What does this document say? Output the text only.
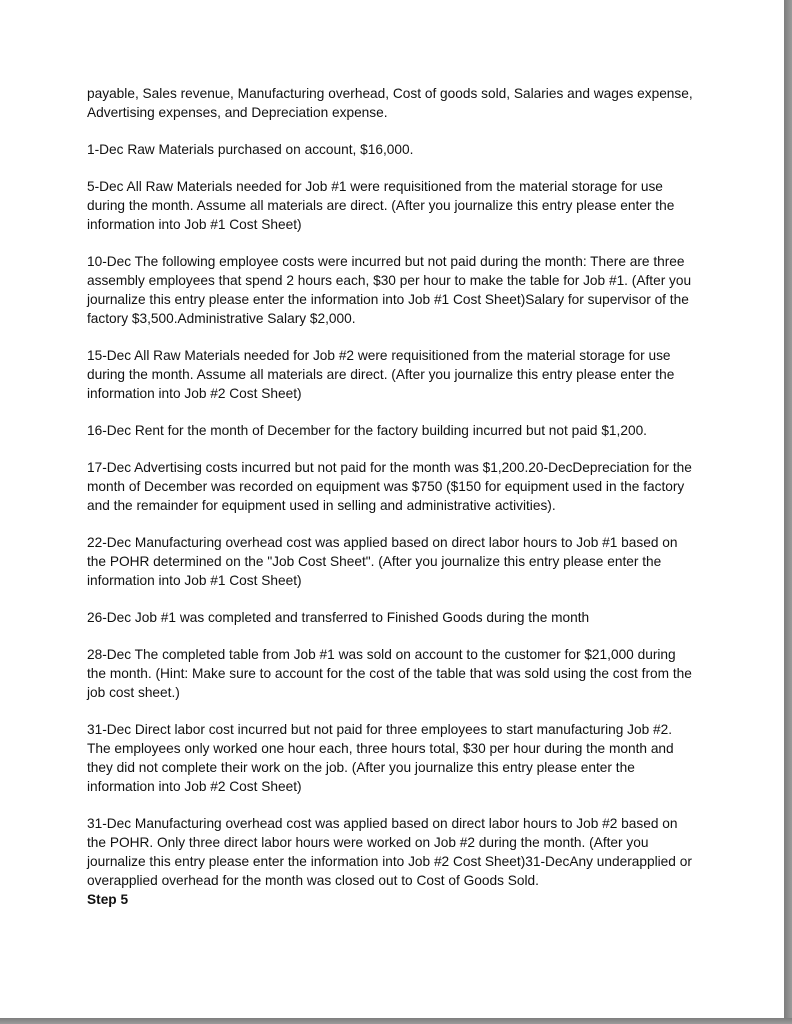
payable, Sales revenue, Manufacturing overhead, Cost of goods sold, Salaries and wages expense, Advertising expenses, and Depreciation expense.

1-Dec Raw Materials purchased on account, $16,000.

5-Dec All Raw Materials needed for Job #1 were requisitioned from the material storage for use during the month. Assume all materials are direct. (After you journalize this entry please enter the information into Job #1 Cost Sheet)

10-Dec The following employee costs were incurred but not paid during the month: There are three assembly employees that spend 2 hours each, $30 per hour to make the table for Job #1. (After you journalize this entry please enter the information into Job #1 Cost Sheet)Salary for supervisor of the factory $3,500.Administrative Salary $2,000.

15-Dec All Raw Materials needed for Job #2 were requisitioned from the material storage for use during the month. Assume all materials are direct. (After you journalize this entry please enter the information into Job #2 Cost Sheet)

16-Dec Rent for the month of December for the factory building incurred but not paid $1,200.

17-Dec Advertising costs incurred but not paid for the month was $1,200.20-DecDepreciation for the month of December was recorded on equipment was $750 ($150 for equipment used in the factory and the remainder for equipment used in selling and administrative activities).

22-Dec Manufacturing overhead cost was applied based on direct labor hours to Job #1 based on the POHR determined on the "Job Cost Sheet". (After you journalize this entry please enter the information into Job #1 Cost Sheet)

26-Dec Job #1 was completed and transferred to Finished Goods during the month

28-Dec The completed table from Job #1 was sold on account to the customer for $21,000 during the month. (Hint: Make sure to account for the cost of the table that was sold using the cost from the job cost sheet.)

31-Dec Direct labor cost incurred but not paid for three employees to start manufacturing Job #2. The employees only worked one hour each, three hours total, $30 per hour during the month and they did not complete their work on the job. (After you journalize this entry please enter the information into Job #2 Cost Sheet)

31-Dec Manufacturing overhead cost was applied based on direct labor hours to Job #2 based on the POHR. Only three direct labor hours were worked on Job #2 during the month. (After you journalize this entry please enter the information into Job #2 Cost Sheet)31-DecAny underapplied or overapplied overhead for the month was closed out to Cost of Goods Sold.

Step 5
